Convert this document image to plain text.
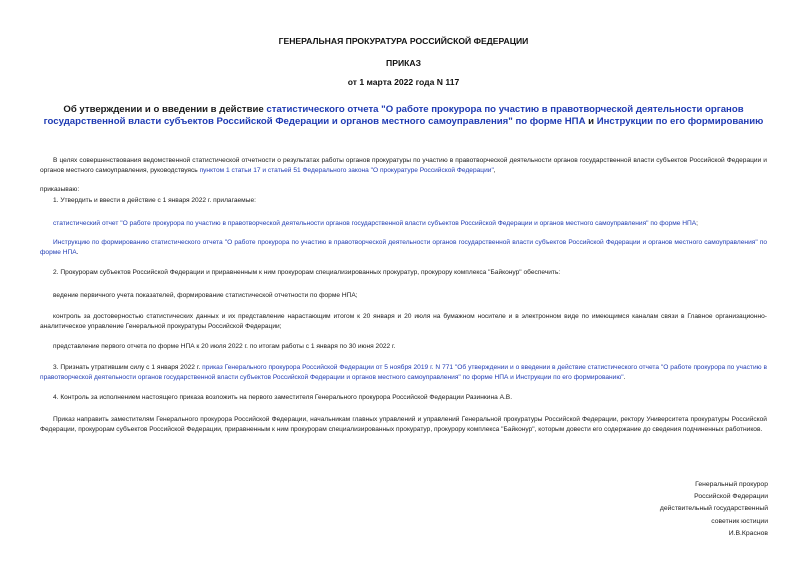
ГЕНЕРАЛЬНАЯ ПРОКУРАТУРА РОССИЙСКОЙ ФЕДЕРАЦИИ
ПРИКАЗ
от 1 марта 2022 года N 117
Об утверждении и о введении в действие статистического отчета "О работе прокурора по участию в правотворческой деятельности органов государственной власти субъектов Российской Федерации и органов местного самоуправления" по форме НПА и Инструкции по его формированию
В целях совершенствования ведомственной статистической отчетности о результатах работы органов прокуратуры по участию в правотворческой деятельности органов государственной власти субъектов Российской Федерации и органов местного самоуправления, руководствуясь пунктом 1 статьи 17 и статьей 51 Федерального закона "О прокуратуре Российской Федерации",
приказываю:
1. Утвердить и ввести в действие с 1 января 2022 г. прилагаемые:
статистический отчет "О работе прокурора по участию в правотворческой деятельности органов государственной власти субъектов Российской Федерации и органов местного самоуправления" по форме НПА;
Инструкцию по формированию статистического отчета "О работе прокурора по участию в правотворческой деятельности органов государственной власти субъектов Российской Федерации и органов местного самоуправления" по форме НПА.
2. Прокурорам субъектов Российской Федерации и приравненным к ним прокурорам специализированных прокуратур, прокурору комплекса "Байконур" обеспечить:
ведение первичного учета показателей, формирование статистической отчетности по форме НПА;
контроль за достоверностью статистических данных и их представление нарастающим итогом к 20 января и 20 июля на бумажном носителе и в электронном виде по имеющимся каналам связи в Главное организационно-аналитическое управление Генеральной прокуратуры Российской Федерации;
представление первого отчета по форме НПА к 20 июля 2022 г. по итогам работы с 1 января по 30 июня 2022 г.
3. Признать утратившим силу с 1 января 2022 г. приказ Генерального прокурора Российской Федерации от 5 ноября 2019 г. N 771 "Об утверждении и о введении в действие статистического отчета "О работе прокурора по участию в правотворческой деятельности органов государственной власти субъектов Российской Федерации и органов местного самоуправления" по форме НПА и Инструкции по его формированию".
4. Контроль за исполнением настоящего приказа возложить на первого заместителя Генерального прокурора Российской Федерации Разинкина А.В.
Приказ направить заместителям Генерального прокурора Российской Федерации, начальникам главных управлений и управлений Генеральной прокуратуры Российской Федерации, ректору Университета прокуратуры Российской Федерации, прокурорам субъектов Российской Федерации, приравненным к ним прокурорам специализированных прокуратур, прокурору комплекса "Байконур", которым довести его содержание до сведения подчиненных работников.
Генеральный прокурор
Российской Федерации
действительный государственный
советник юстиции
И.В.Краснов
